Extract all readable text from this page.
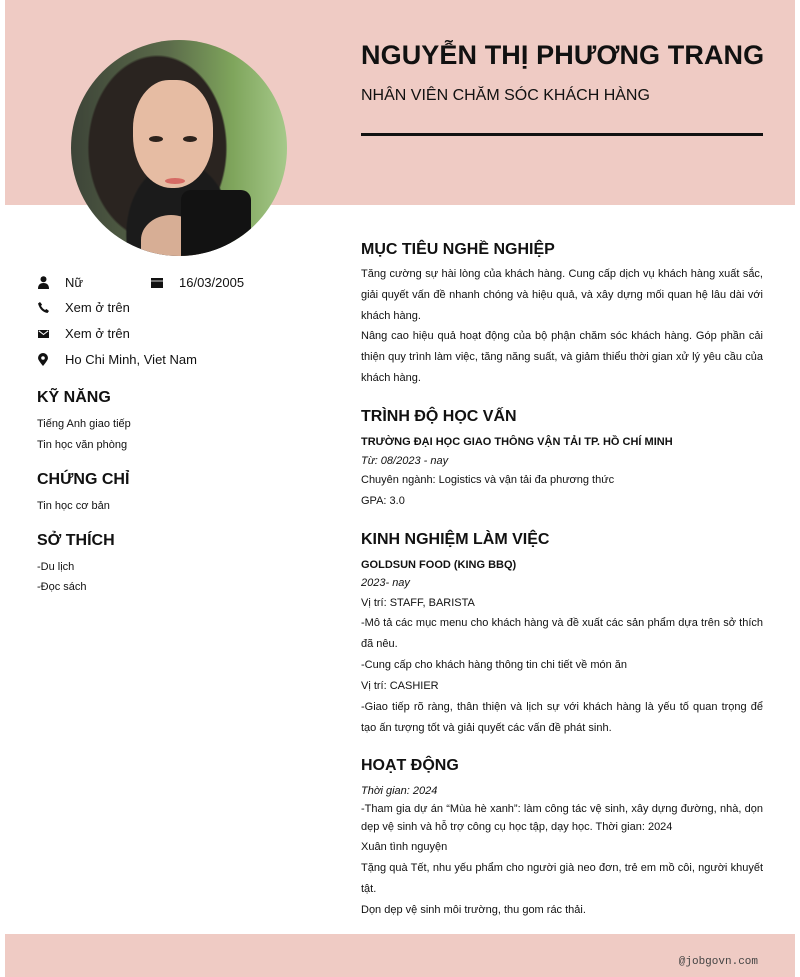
NGUYỄN THỊ PHƯƠNG TRANG
NHÂN VIÊN CHĂM SÓC KHÁCH HÀNG
Nữ	16/03/2005
Xem ở trên
Xem ở trên
Ho Chi Minh, Viet Nam
KỸ NĂNG
Tiếng Anh giao tiếp
Tin học văn phòng
CHỨNG CHỈ
Tin học cơ bản
SỞ THÍCH
-Du lịch
-Đọc sách
MỤC TIÊU NGHỀ NGHIỆP
Tăng cường sự hài lòng của khách hàng. Cung cấp dịch vụ khách hàng xuất sắc, giải quyết vấn đề nhanh chóng và hiệu quả, và xây dựng mối quan hệ lâu dài với khách hàng.
Nâng cao hiệu quả hoạt động của bộ phận chăm sóc khách hàng. Góp phần cải thiện quy trình làm việc, tăng năng suất, và giảm thiểu thời gian xử lý yêu cầu của khách hàng.
TRÌNH ĐỘ HỌC VẤN
TRƯỜNG ĐẠI HỌC GIAO THÔNG VẬN TẢI TP. HỒ CHÍ MINH
Từ: 08/2023 - nay
Chuyên ngành: Logistics và vận tải đa phương thức
GPA: 3.0
KINH NGHIỆM LÀM VIỆC
GOLDSUN FOOD (KING BBQ)
2023- nay
Vị trí: STAFF, BARISTA
-Mô tả các mục menu cho khách hàng và đề xuất các sản phẩm dựa trên sở thích đã nêu.
-Cung cấp cho khách hàng thông tin chi tiết về món ăn
Vị trí: CASHIER
-Giao tiếp rõ ràng, thân thiện và lịch sự với khách hàng là yếu tố quan trọng để tạo ấn tượng tốt và giải quyết các vấn đề phát sinh.
HOẠT ĐỘNG
Thời gian: 2024
-Tham gia dự án “Mùa hè xanh”: làm công tác vệ sinh, xây dựng đường, nhà, dọn dẹp vệ sinh và hỗ trợ công cụ học tập, dạy học. Thời gian: 2024
Xuân tình nguyện
Tặng quà Tết, nhu yếu phẩm cho người già neo đơn, trẻ em mồ côi, người khuyết tật.
Dọn dẹp vệ sinh môi trường, thu gom rác thải.
@jobgovn.com
